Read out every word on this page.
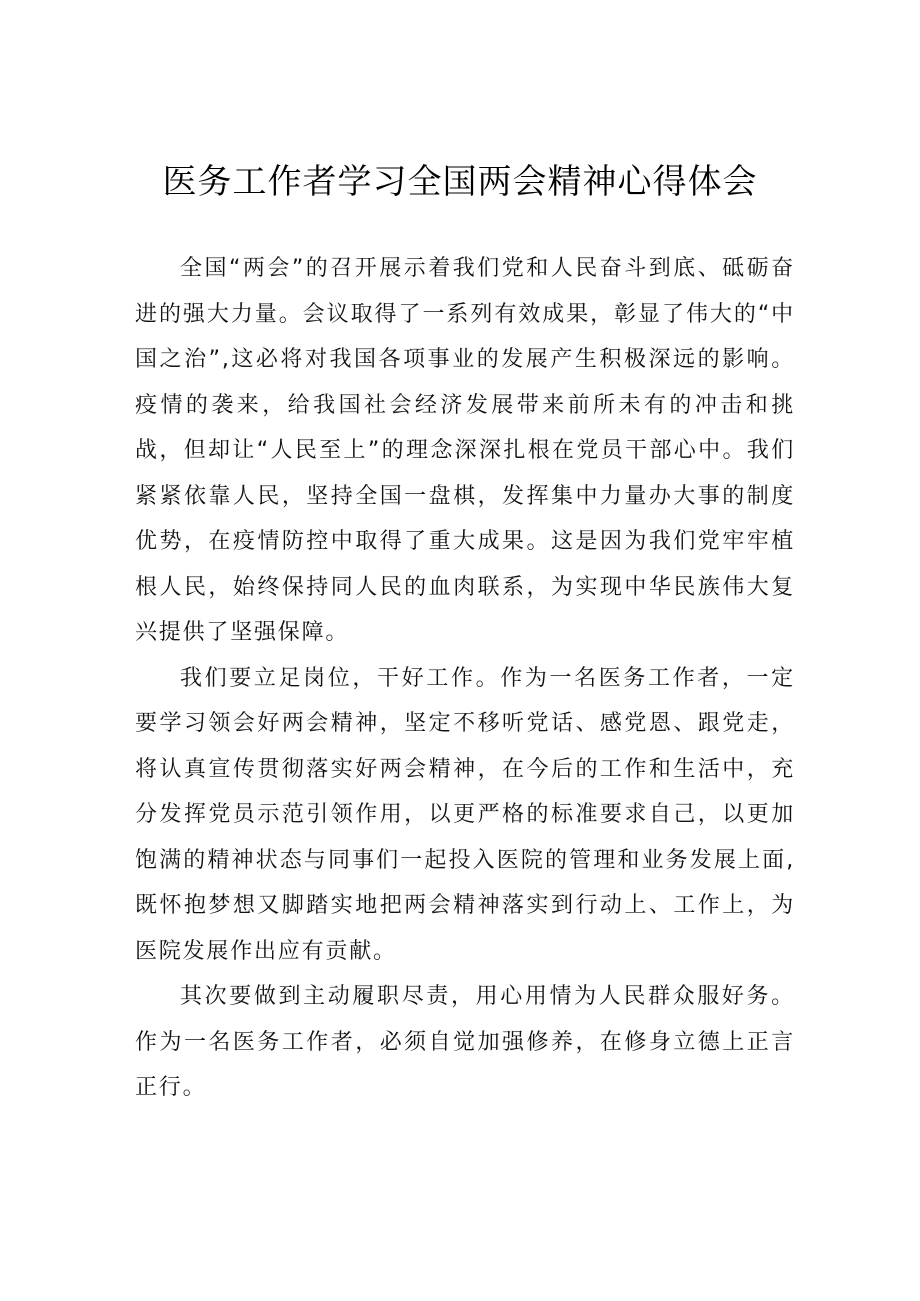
医务工作者学习全国两会精神心得体会

全国“两会”的召开展示着我们党和人民奋斗到底、砥砺奋进的强大力量。会议取得了一系列有效成果，彰显了伟大的“中国之治”,这必将对我国各项事业的发展产生积极深远的影响。疫情的袭来，给我国社会经济发展带来前所未有的冲击和挑战，但却让“人民至上”的理念深深扎根在党员干部心中。我们紧紧依靠人民，坚持全国一盘棋，发挥集中力量办大事的制度优势，在疫情防控中取得了重大成果。这是因为我们党牢牢植根人民，始终保持同人民的血肉联系，为实现中华民族伟大复兴提供了坚强保障。

我们要立足岗位，干好工作。作为一名医务工作者，一定要学习领会好两会精神，坚定不移听党话、感党恩、跟党走，将认真宣传贯彻落实好两会精神，在今后的工作和生活中，充分发挥党员示范引领作用，以更严格的标准要求自己，以更加饱满的精神状态与同事们一起投入医院的管理和业务发展上面,既怀抱梦想又脚踏实地把两会精神落实到行动上、工作上，为医院发展作出应有贡献。

其次要做到主动履职尽责，用心用情为人民群众服好务。作为一名医务工作者，必须自觉加强修养，在修身立德上正言正行。
